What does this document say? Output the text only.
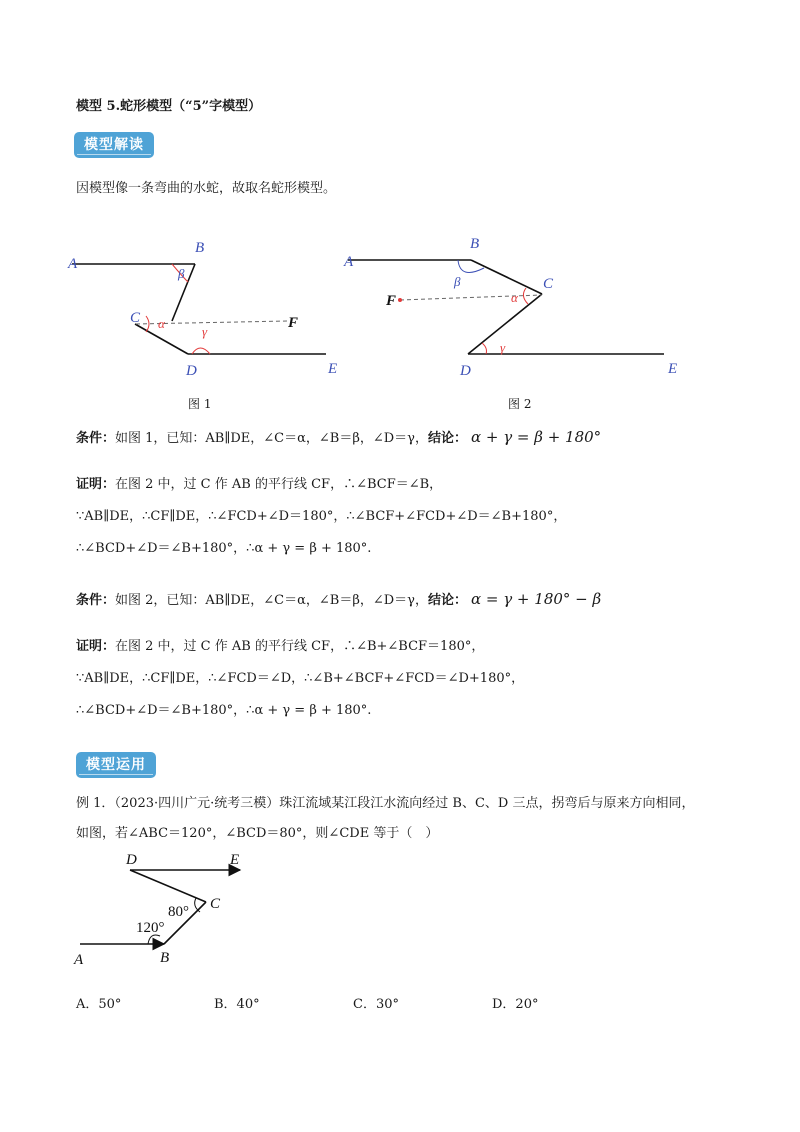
模型 5.蛇形模型（“5”字模型）
模型解读
因模型像一条弯曲的水蛇，故取名蛇形模型。
A
B
C
D	E
F
β
α
γ
图 1
A
B
C
D	E
F
β
α
γ
图 2
条件：如图 1，已知：AB∥DE，∠C＝α，∠B＝β，∠D＝γ，结论： α + γ = β + 180°
证明：在图 2 中，过 C 作 AB 的平行线 CF，∴∠BCF＝∠B，
∵AB∥DE，∴CF∥DE，∴∠FCD+∠D＝180°，∴∠BCF+∠FCD+∠D＝∠B+180°，
∴∠BCD+∠D＝∠B+180°，∴α + γ = β + 180°.
条件：如图 2，已知：AB∥DE，∠C＝α，∠B＝β，∠D＝γ，结论： α = γ + 180° − β
证明：在图 2 中，过 C 作 AB 的平行线 CF，∴∠B+∠BCF＝180°，
∵AB∥DE，∴CF∥DE，∴∠FCD＝∠D，∴∠B+∠BCF+∠FCD＝∠D+180°，
∴∠BCD+∠D＝∠B+180°，∴α + γ = β + 180°.
模型运用
例 1．（2023·四川广元·统考三模）珠江流域某江段江水流向经过 B、C、D 三点，拐弯后与原来方向相同，
如图，若∠ABC＝120°，∠BCD＝80°，则∠CDE 等于（　）
D	E
C
A	B
80°
120°
A．50°	B．40°	C．30°	D．20°
